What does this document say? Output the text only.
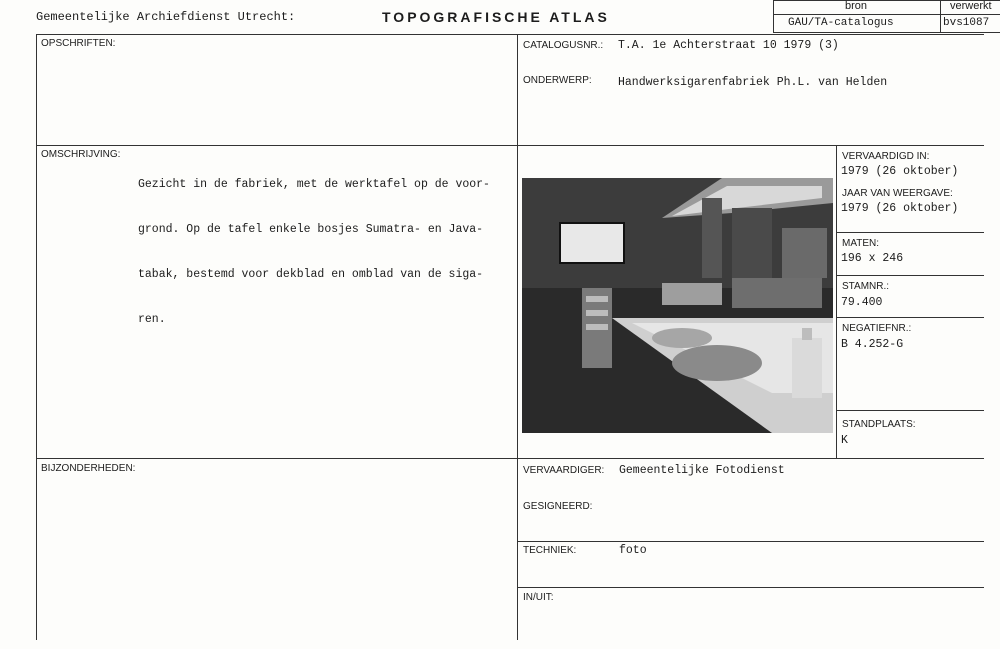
Gemeentelijke Archiefdienst Utrecht:	TOPOGRAFISCHE ATLAS
bron	verwerkt
GAU/TA-catalogus	bvs1087
OPSCHRIFTEN:
OMSCHRIJVING:

Gezicht in de fabriek, met de werktafel op de voor-

grond. Op de tafel enkele bosjes Sumatra- en Java-

tabak, bestemd voor dekblad en omblad van de siga-

ren.

BIJZONDERHEDEN:
CATALOGUSNR.: T.A. 1e Achterstraat 10 1979 (3)
ONDERWERP: Handwerksigarenfabriek Ph.L. van Helden
VERVAARDIGD IN:
1979 (26 oktober)
JAAR VAN WEERGAVE:
1979 (26 oktober)
MATEN:
196 x 246
STAMNR.:
79.400
NEGATIEFNR.:
B 4.252-G
STANDPLAATS:
K
VERVAARDIGER: Gemeentelijke Fotodienst
GESIGNEERD:
TECHNIEK:	foto
IN/UIT:
